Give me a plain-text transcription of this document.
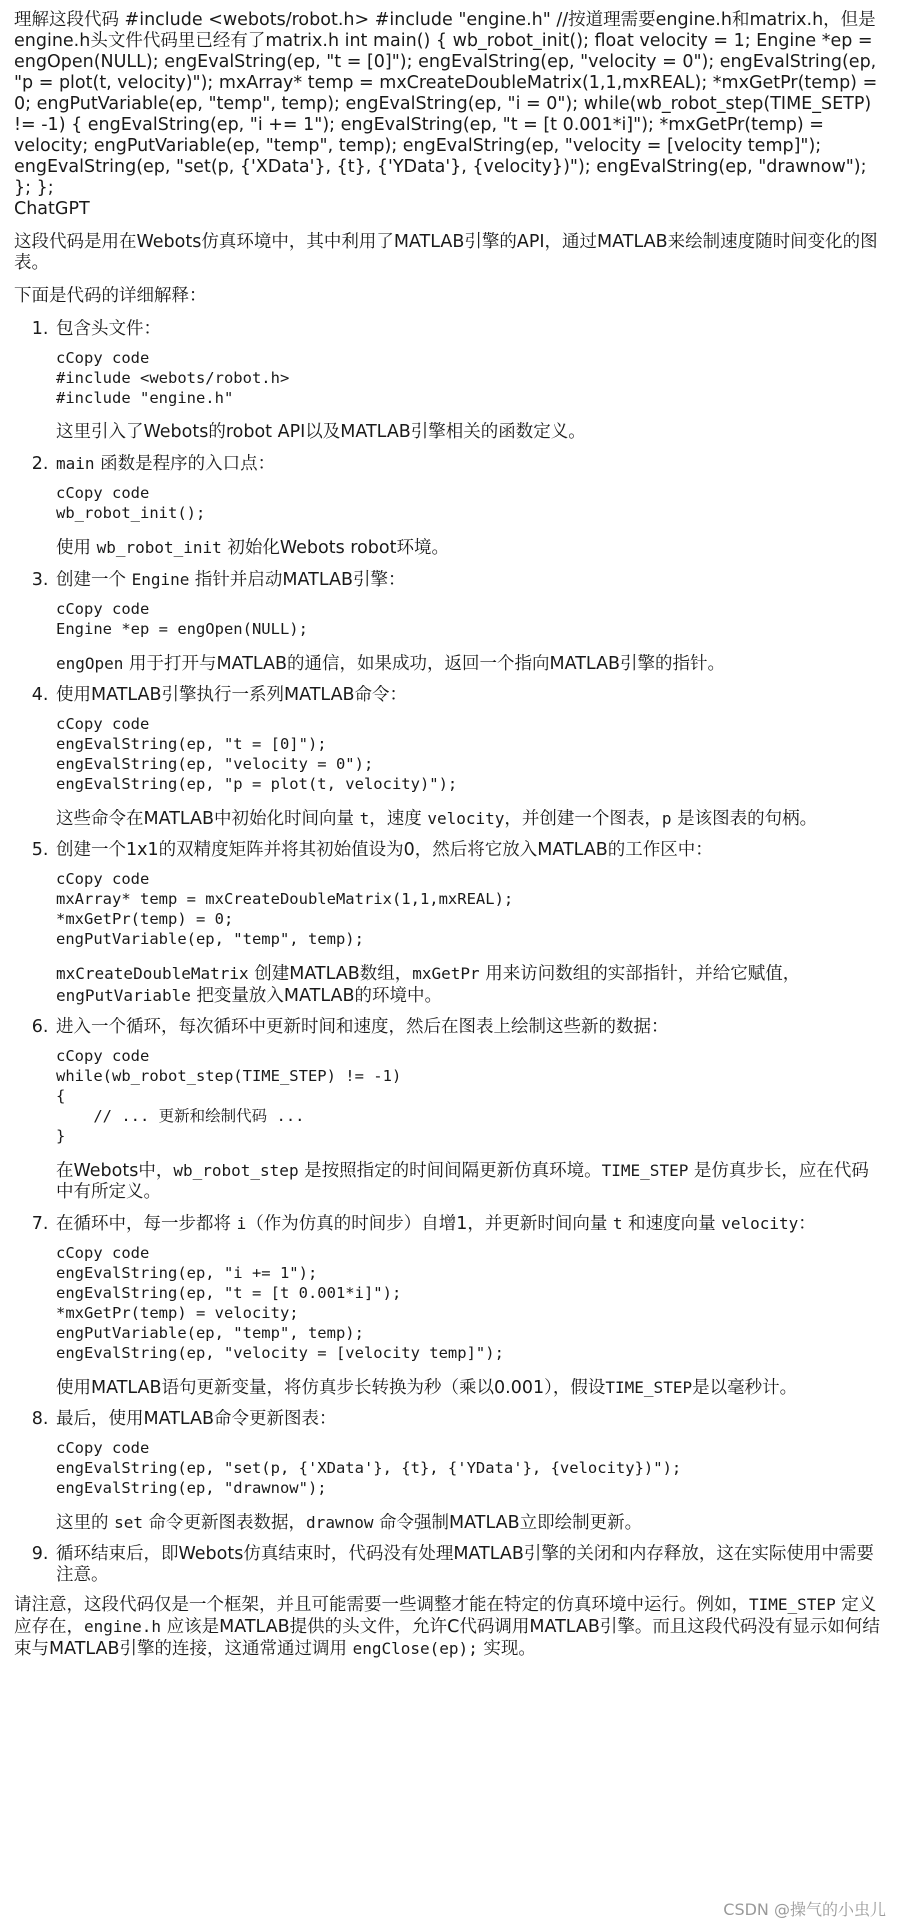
理解这段代码 #include <webots/robot.h> #include "engine.h" //按道理需要engine.h和matrix.h，但是engine.h头文件代码里已经有了matrix.h int main() { wb_robot_init(); float velocity = 1; Engine *ep = engOpen(NULL); engEvalString(ep, "t = [0]"); engEvalString(ep, "velocity = 0"); engEvalString(ep, "p = plot(t, velocity)"); mxArray* temp = mxCreateDoubleMatrix(1,1,mxREAL); *mxGetPr(temp) = 0; engPutVariable(ep, "temp", temp); engEvalString(ep, "i = 0"); while(wb_robot_step(TIME_SETP) != -1) { engEvalString(ep, "i += 1"); engEvalString(ep, "t = [t 0.001*i]"); *mxGetPr(temp) = velocity; engPutVariable(ep, "temp", temp); engEvalString(ep, "velocity = [velocity temp]"); engEvalString(ep, "set(p, {'XData'}, {t}, {'YData'}, {velocity})"); engEvalString(ep, "drawnow"); }; };

ChatGPT

这段代码是用在Webots仿真环境中，其中利用了MATLAB引擎的API，通过MATLAB来绘制速度随时间变化的图表。

下面是代码的详细解释：

1. 包含头文件：
cCopy code
#include <webots/robot.h>
#include "engine.h"
这里引入了Webots的robot API以及MATLAB引擎相关的函数定义。
2. main 函数是程序的入口点：
cCopy code
wb_robot_init();
使用 wb_robot_init 初始化Webots robot环境。
3. 创建一个 Engine 指针并启动MATLAB引擎：
cCopy code
Engine *ep = engOpen(NULL);
engOpen 用于打开与MATLAB的通信，如果成功，返回一个指向MATLAB引擎的指针。
4. 使用MATLAB引擎执行一系列MATLAB命令：
cCopy code
engEvalString(ep, "t = [0]");
engEvalString(ep, "velocity = 0");
engEvalString(ep, "p = plot(t, velocity)");
这些命令在MATLAB中初始化时间向量 t，速度 velocity，并创建一个图表，p 是该图表的句柄。
5. 创建一个1x1的双精度矩阵并将其初始值设为0，然后将它放入MATLAB的工作区中：
cCopy code
mxArray* temp = mxCreateDoubleMatrix(1,1,mxREAL);
*mxGetPr(temp) = 0;
engPutVariable(ep, "temp", temp);
mxCreateDoubleMatrix 创建MATLAB数组，mxGetPr 用来访问数组的实部指针，并给它赋值，engPutVariable 把变量放入MATLAB的环境中。
6. 进入一个循环，每次循环中更新时间和速度，然后在图表上绘制这些新的数据：
cCopy code
while(wb_robot_step(TIME_STEP) != -1)
{
// ... 更新和绘制代码 ...
}
在Webots中，wb_robot_step 是按照指定的时间间隔更新仿真环境。TIME_STEP 是仿真步长，应在代码中有所定义。
7. 在循环中，每一步都将 i（作为仿真的时间步）自增1，并更新时间向量 t 和速度向量 velocity：
cCopy code
engEvalString(ep, "i += 1");
engEvalString(ep, "t = [t 0.001*i]");
*mxGetPr(temp) = velocity;
engPutVariable(ep, "temp", temp);
engEvalString(ep, "velocity = [velocity temp]");
使用MATLAB语句更新变量，将仿真步长转换为秒（乘以0.001），假设TIME_STEP是以毫秒计。
8. 最后，使用MATLAB命令更新图表：
cCopy code
engEvalString(ep, "set(p, {'XData'}, {t}, {'YData'}, {velocity})");
engEvalString(ep, "drawnow");
这里的 set 命令更新图表数据，drawnow 命令强制MATLAB立即绘制更新。
9. 循环结束后，即Webots仿真结束时，代码没有处理MATLAB引擎的关闭和内存释放，这在实际使用中需要注意。

请注意，这段代码仅是一个框架，并且可能需要一些调整才能在特定的仿真环境中运行。例如，TIME_STEP 定义应存在，engine.h 应该是MATLAB提供的头文件，允许C代码调用MATLAB引擎。而且这段代码没有显示如何结束与MATLAB引擎的连接，这通常通过调用 engClose(ep); 实现。

CSDN @操气的小虫儿
